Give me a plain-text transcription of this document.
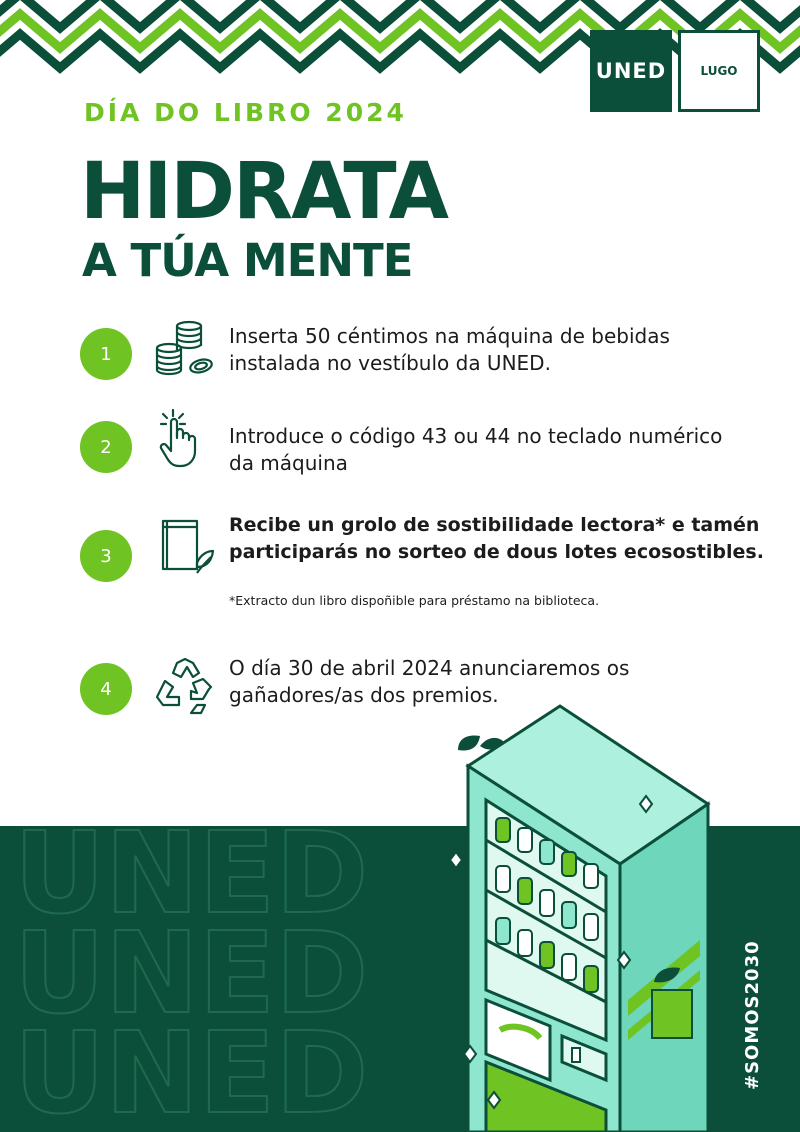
UNED	LUGO
DÍA DO LIBRO 2024
HIDRATA
A TÚA MENTE
1
Inserta 50 céntimos na máquina de bebidas instalada no vestíbulo da UNED.
2	Introduce o código 43 ou 44 no teclado numérico da máquina
3
Recibe un grolo de sostibilidade lectora* e tamén participarás no sorteo de dous lotes ecosostibles.
*Extracto dun libro dispoñible para préstamo na biblioteca.
4
O día 30 de abril 2024 anunciaremos os gañadores/as dos premios.
UNED
UNED
UNED	#SOMOS2030
